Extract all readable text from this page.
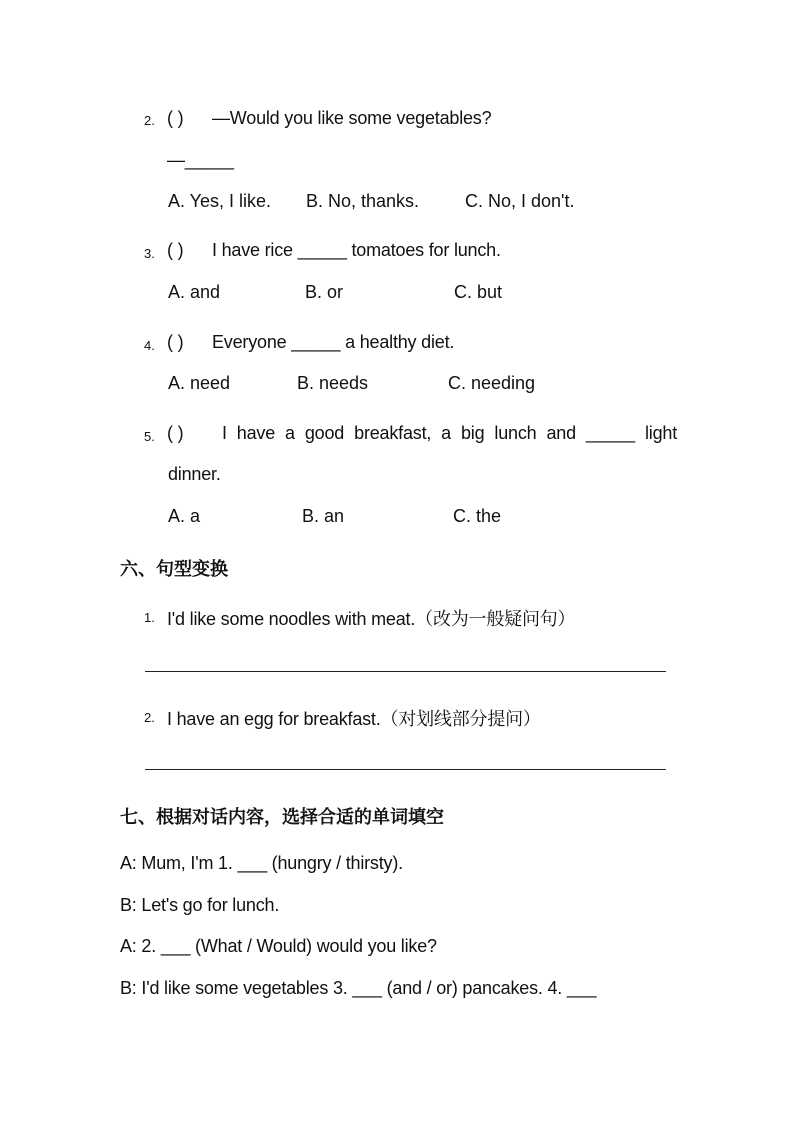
2. ( ) —Would you like some vegetables?
—_____
A. Yes, I like. B. No, thanks.	C. No, I don't.
3. ( ) I have rice _____ tomatoes for lunch.
A. and	B. or	C. but
4. ( ) Everyone _____ a healthy diet.
A. need	B. needs	C. needing
5. ( ) I have a good breakfast, a big lunch and _____ light
dinner.
A. a	B. an	C. the
六、句型变换
1. I'd like some noodles with meat.（改为一般疑问句）
2. I have an egg for breakfast.（对划线部分提问）
七、根据对话内容，选择合适的单词填空
A: Mum, I'm 1. ___ (hungry / thirsty).
B: Let's go for lunch.
A: 2. ___ (What / Would) would you like?
B: I'd like some vegetables 3. ___ (and / or) pancakes. 4. ___
